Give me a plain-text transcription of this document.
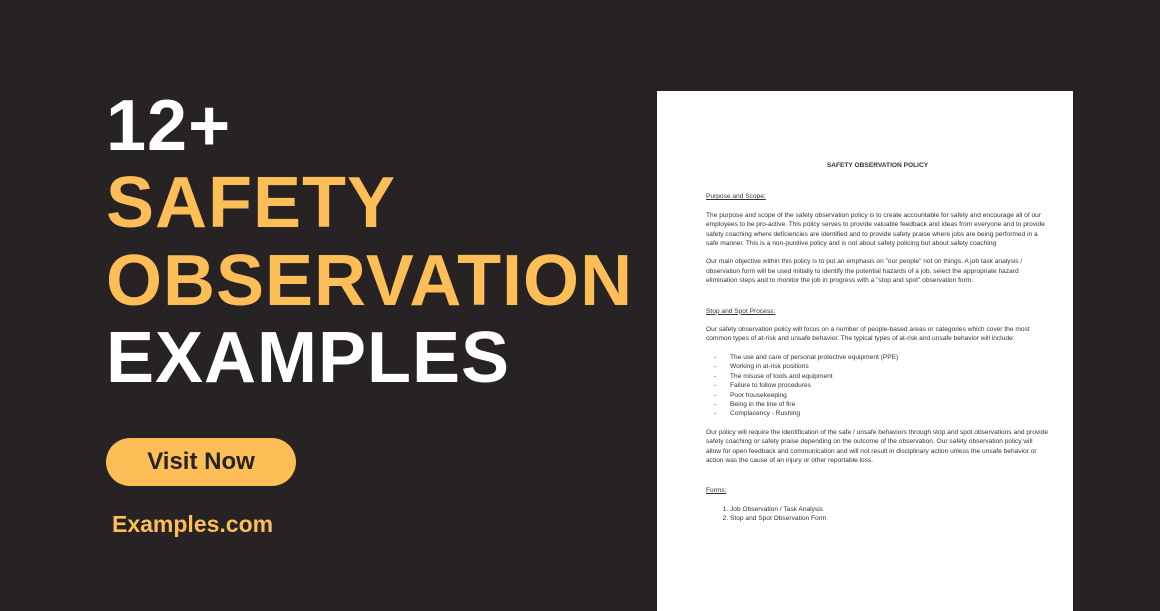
12+
SAFETY
OBSERVATION
EXAMPLES
Visit Now
Examples.com
SAFETY OBSERVATION POLICY
Purpose and Scope:

The purpose and scope of the safety observation policy is to create accountable for safety and encourage all of our employees to be pro-active. This policy serves to provide valuable feedback and ideas from everyone and to provide safety coaching where deficiencies are identified and to provide safety praise where jobs are being performed in a safe manner. This is a non-punitive policy and is not about safety policing but about safety coaching

Our main objective within this policy is to put an emphasis on "our people" not on things. A job task analysis / observation form will be used initially to identify the potential hazards of a job, select the appropriate hazard elimination steps and to monitor the job in progress with a "stop and spot" observation form.

Stop and Spot Process:

Our safety observation policy will focus on a number of people-based areas or categories which cover the most common types of at-risk and unsafe behavior. The typical types of at-risk and unsafe behavior will include:

- The use and care of personal protective equipment (PPE)
- Working in at-risk positions
- The misuse of tools and equipment
- Failure to follow procedures
- Poor housekeeping
- Being in the line of fire
- Complacency - Rushing

Our policy will require the identification of the safe / unsafe behaviors through stop and spot observations and provide safety coaching or safety praise depending on the outcome of the observation. Our safety observation policy will allow for open feedback and communication and will not result in disciplinary action unless the unsafe behavior or action was the cause of an injury or other reportable loss.

Forms:
1. Job Observation / Task Analysis
2. Stop and Spot Observation Form
